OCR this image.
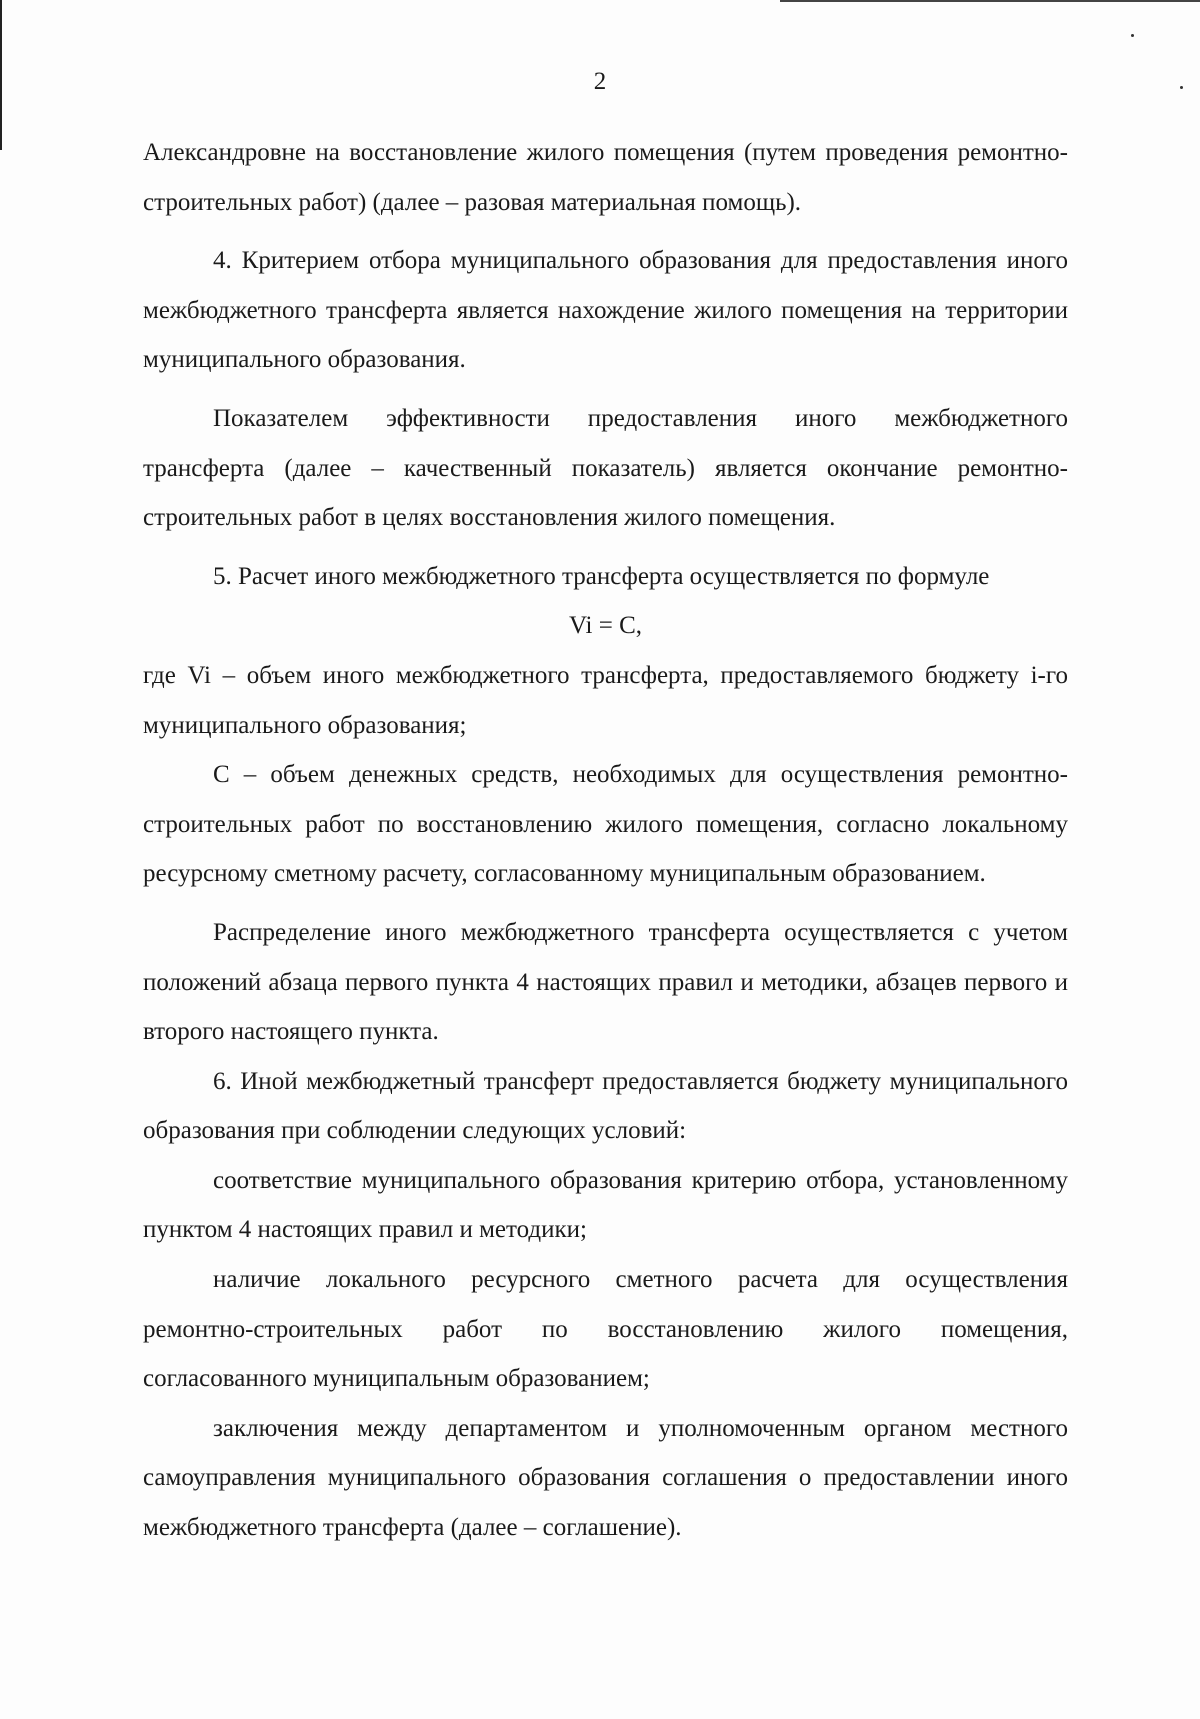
2

Александровне на восстановление жилого помещения (путем проведения ремонтно-строительных работ) (далее – разовая материальная помощь).

4. Критерием отбора муниципального образования для предоставления иного межбюджетного трансферта является нахождение жилого помещения на территории муниципального образования.

Показателем эффективности предоставления иного межбюджетного трансферта (далее – качественный показатель) является окончание ремонтно-строительных работ в целях восстановления жилого помещения.

5. Расчет иного межбюджетного трансферта осуществляется по формуле

Vi = C,

где Vi – объем иного межбюджетного трансферта, предоставляемого бюджету i-го муниципального образования;

C – объем денежных средств, необходимых для осуществления ремонтно-строительных работ по восстановлению жилого помещения, согласно локальному ресурсному сметному расчету, согласованному муниципальным образованием.

Распределение иного межбюджетного трансферта осуществляется с учетом положений абзаца первого пункта 4 настоящих правил и методики, абзацев первого и второго настоящего пункта.

6. Иной межбюджетный трансферт предоставляется бюджету муниципального образования при соблюдении следующих условий:

соответствие муниципального образования критерию отбора, установленному пунктом 4 настоящих правил и методики;

наличие локального ресурсного сметного расчета для осуществления ремонтно-строительных работ по восстановлению жилого помещения, согласованного муниципальным образованием;

заключения между департаментом и уполномоченным органом местного самоуправления муниципального образования соглашения о предоставлении иного межбюджетного трансферта (далее – соглашение).
